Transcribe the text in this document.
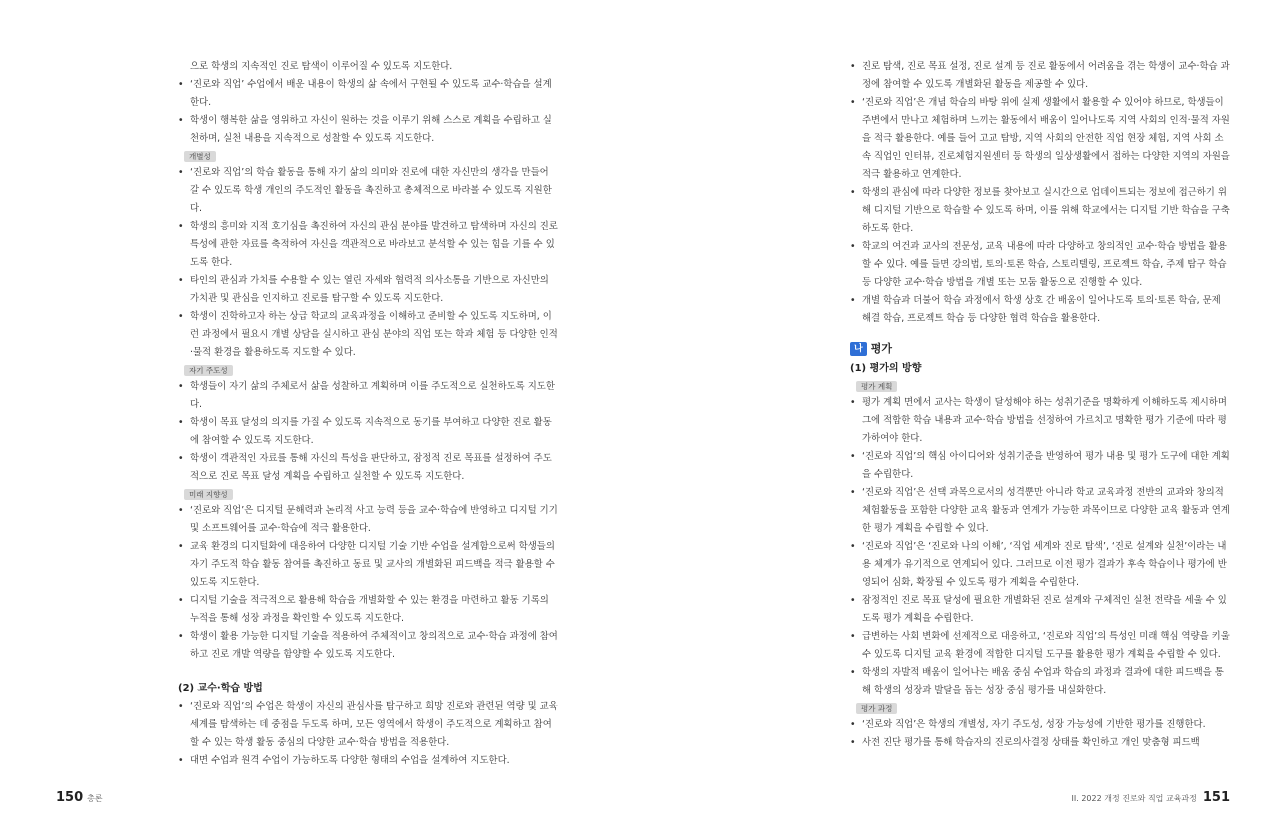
으로 학생의 지속적인 진로 탐색이 이루어질 수 있도록 지도한다.
• ‘진로와 직업’ 수업에서 배운 내용이 학생의 삶 속에서 구현될 수 있도록 교수·학습을 설계한다.
• 학생이 행복한 삶을 영위하고 자신이 원하는 것을 이루기 위해 스스로 계획을 수립하고 실천하며, 실천 내용을 지속적으로 성찰할 수 있도록 지도한다.
개별성
• ‘진로와 직업’의 학습 활동을 통해 자기 삶의 의미와 진로에 대한 자신만의 생각을 만들어 갈 수 있도록 학생 개인의 주도적인 활동을 촉진하고 총체적으로 바라볼 수 있도록 지원한다.
• 학생의 흥미와 지적 호기심을 촉진하여 자신의 관심 분야를 발견하고 탐색하며 자신의 진로 특성에 관한 자료를 축적하여 자신을 객관적으로 바라보고 분석할 수 있는 힘을 기를 수 있도록 한다.
• 타인의 관심과 가치를 수용할 수 있는 열린 자세와 협력적 의사소통을 기반으로 자신만의 가치관 및 관심을 인지하고 진로를 탐구할 수 있도록 지도한다.
• 학생이 진학하고자 하는 상급 학교의 교육과정을 이해하고 준비할 수 있도록 지도하며, 이런 과정에서 필요시 개별 상담을 실시하고 관심 분야의 직업 또는 학과 체험 등 다양한 인적·물적 환경을 활용하도록 지도할 수 있다.
자기 주도성
• 학생들이 자기 삶의 주체로서 삶을 성찰하고 계획하며 이를 주도적으로 실천하도록 지도한다.
• 학생이 목표 달성의 의지를 가질 수 있도록 지속적으로 동기를 부여하고 다양한 진로 활동에 참여할 수 있도록 지도한다.
• 학생이 객관적인 자료를 통해 자신의 특성을 판단하고, 잠정적 진로 목표를 설정하여 주도적으로 진로 목표 달성 계획을 수립하고 실천할 수 있도록 지도한다.
미래 지향성
• ‘진로와 직업’은 디지털 문해력과 논리적 사고 능력 등을 교수·학습에 반영하고 디지털 기기 및 소프트웨어를 교수·학습에 적극 활용한다.
• 교육 환경의 디지털화에 대응하여 다양한 디지털 기술 기반 수업을 설계함으로써 학생들의 자기 주도적 학습 활동 참여를 촉진하고 동료 및 교사의 개별화된 피드백을 적극 활용할 수 있도록 지도한다.
• 디지털 기술을 적극적으로 활용해 학습을 개별화할 수 있는 환경을 마련하고 활동 기록의 누적을 통해 성장 과정을 확인할 수 있도록 지도한다.
• 학생이 활용 가능한 디지털 기술을 적용하여 주체적이고 창의적으로 교수·학습 과정에 참여하고 진로 개발 역량을 함양할 수 있도록 지도한다.
(2) 교수·학습 방법
• ‘진로와 직업’의 수업은 학생이 자신의 관심사를 탐구하고 희망 진로와 관련된 역량 및 교육 세계를 탐색하는 데 중점을 두도록 하며, 모든 영역에서 학생이 주도적으로 계획하고 참여할 수 있는 학생 활동 중심의 다양한 교수·학습 방법을 적용한다.
• 대면 수업과 원격 수업이 가능하도록 다양한 형태의 수업을 설계하여 지도한다.
• 진로 탐색, 진로 목표 설정, 진로 설계 등 진로 활동에서 어려움을 겪는 학생이 교수·학습 과정에 참여할 수 있도록 개별화된 활동을 제공할 수 있다.
• ‘진로와 직업’은 개념 학습의 바탕 위에 실제 생활에서 활용할 수 있어야 하므로, 학생들이 주변에서 만나고 체험하며 느끼는 활동에서 배움이 일어나도록 지역 사회의 인적·물적 자원을 적극 활용한다. 예를 들어 고교 탐방, 지역 사회의 안전한 직업 현장 체험, 지역 사회 소속 직업인 인터뷰, 진로체험지원센터 등 학생의 일상생활에서 접하는 다양한 지역의 자원을 적극 활용하고 연계한다.
• 학생의 관심에 따라 다양한 정보를 찾아보고 실시간으로 업데이트되는 정보에 접근하기 위해 디지털 기반으로 학습할 수 있도록 하며, 이를 위해 학교에서는 디지털 기반 학습을 구축하도록 한다.
• 학교의 여건과 교사의 전문성, 교육 내용에 따라 다양하고 창의적인 교수·학습 방법을 활용할 수 있다. 예를 들면 강의법, 토의·토론 학습, 스토리텔링, 프로젝트 학습, 주제 탐구 학습 등 다양한 교수·학습 방법을 개별 또는 모둠 활동으로 진행할 수 있다.
• 개별 학습과 더불어 학습 과정에서 학생 상호 간 배움이 일어나도록 토의·토론 학습, 문제 해결 학습, 프로젝트 학습 등 다양한 협력 학습을 활용한다.
나 평가
(1) 평가의 방향
평가 계획
• 평가 계획 면에서 교사는 학생이 달성해야 하는 성취기준을 명확하게 이해하도록 제시하며 그에 적합한 학습 내용과 교수·학습 방법을 선정하여 가르치고 명확한 평가 기준에 따라 평가하여야 한다.
• ‘진로와 직업’의 핵심 아이디어와 성취기준을 반영하여 평가 내용 및 평가 도구에 대한 계획을 수립한다.
• ‘진로와 직업’은 선택 과목으로서의 성격뿐만 아니라 학교 교육과정 전반의 교과와 창의적 체험활동을 포함한 다양한 교육 활동과 연계가 가능한 과목이므로 다양한 교육 활동과 연계한 평가 계획을 수립할 수 있다.
• ‘진로와 직업’은 ‘진로와 나의 이해’, ‘직업 세계와 진로 탐색’, ‘진로 설계와 실천’이라는 내용 체계가 유기적으로 연계되어 있다. 그러므로 이전 평가 결과가 후속 학습이나 평가에 반영되어 심화, 확장될 수 있도록 평가 계획을 수립한다.
• 잠정적인 진로 목표 달성에 필요한 개별화된 진로 설계와 구체적인 실천 전략을 세울 수 있도록 평가 계획을 수립한다.
• 급변하는 사회 변화에 선제적으로 대응하고, ‘진로와 직업’의 특성인 미래 핵심 역량을 키울 수 있도록 디지털 교육 환경에 적합한 디지털 도구를 활용한 평가 계획을 수립할 수 있다.
• 학생의 자발적 배움이 일어나는 배움 중심 수업과 학습의 과정과 결과에 대한 피드백을 통해 학생의 성장과 발달을 돕는 성장 중심 평가를 내실화한다.
평가 과정
• ‘진로와 직업’은 학생의 개별성, 자기 주도성, 성장 가능성에 기반한 평가를 진행한다.
• 사전 진단 평가를 통해 학습자의 진로의사결정 상태를 확인하고 개인 맞춤형 피드백
150 총론	II. 2022 개정 진로와 직업 교육과정 151
